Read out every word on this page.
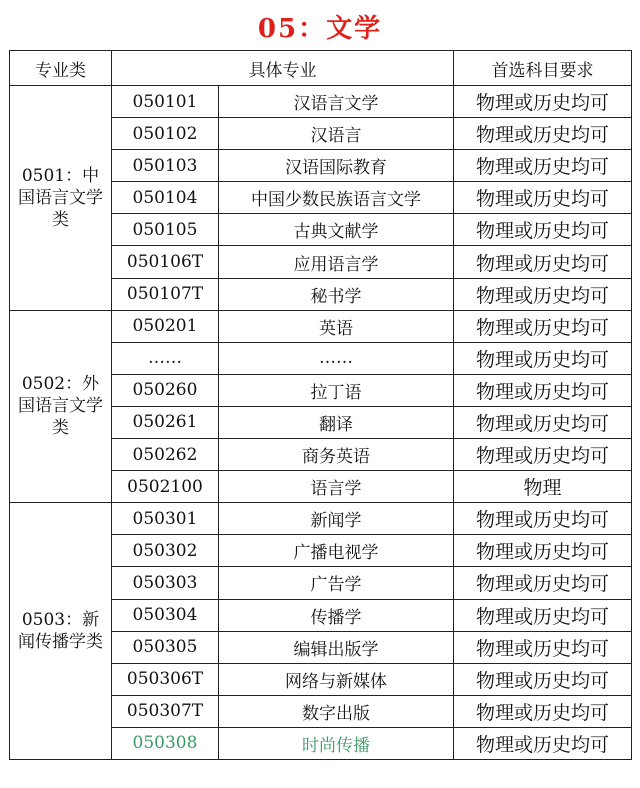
05：文学
专业类	具体专业		首选科目要求
0501：中国语言文学类	050101	汉语言文学	物理或历史均可
	050102	汉语言	物理或历史均可
	050103	汉语国际教育	物理或历史均可
	050104	中国少数民族语言文学	物理或历史均可
	050105	古典文献学	物理或历史均可
	050106T	应用语言学	物理或历史均可
	050107T	秘书学	物理或历史均可
0502：外国语言文学类	050201	英语	物理或历史均可
	……	……	物理或历史均可
	050260	拉丁语	物理或历史均可
	050261	翻译	物理或历史均可
	050262	商务英语	物理或历史均可
	0502100	语言学	物理
0503：新闻传播学类	050301	新闻学	物理或历史均可
	050302	广播电视学	物理或历史均可
	050303	广告学	物理或历史均可
	050304	传播学	物理或历史均可
	050305	编辑出版学	物理或历史均可
	050306T	网络与新媒体	物理或历史均可
	050307T	数字出版	物理或历史均可
	050308	时尚传播	物理或历史均可
